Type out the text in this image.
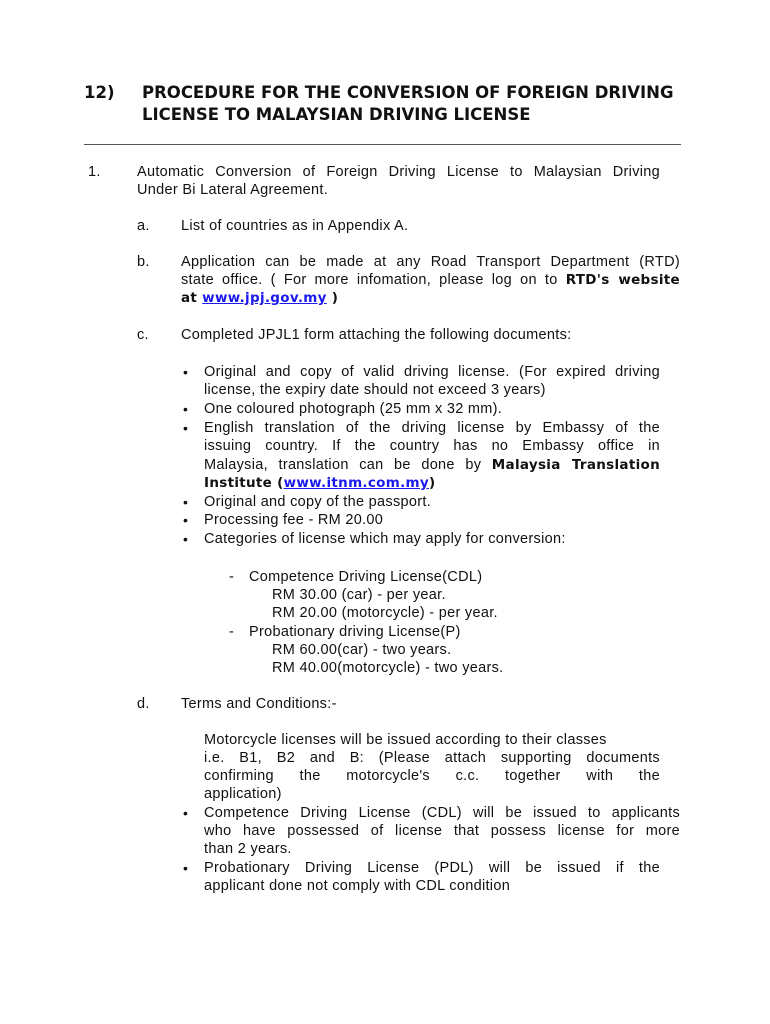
12) PROCEDURE FOR THE CONVERSION OF FOREIGN DRIVING
LICENSE TO MALAYSIAN DRIVING LICENSE
1.	Automatic Conversion of Foreign Driving License to Malaysian Driving
Under Bi Lateral Agreement.
a. List of countries as in Appendix A.
b. Application can be made at any Road Transport Department (RTD)
state office. ( For more infomation, please log on to RTD's website
at www.jpj.gov.my )
c. Completed JPJL1 form attaching the following documents:
• Original and copy of valid driving license. (For expired driving
license, the expiry date should not exceed 3 years)
• One coloured photograph (25 mm x 32 mm).
• English translation of the driving license by Embassy of the
issuing country. If the country has no Embassy office in
Malaysia, translation can be done by Malaysia Translation
Institute (www.itnm.com.my)
• Original and copy of the passport.
• Processing fee - RM 20.00
• Categories of license which may apply for conversion:
- Competence Driving License(CDL)
RM 30.00 (car) - per year.
RM 20.00 (motorcycle) - per year.
- Probationary driving License(P)
RM 60.00(car) - two years.
RM 40.00(motorcycle) - two years.
d. Terms and Conditions:-
Motorcycle licenses will be issued according to their classes
i.e. B1, B2 and B: (Please attach supporting documents
confirming the motorcycle's c.c. together with the
application)
• Competence Driving License (CDL) will be issued to applicants
who have possessed of license that possess license for more
than 2 years.
• Probationary Driving License (PDL) will be issued if the
applicant done not comply with CDL condition
